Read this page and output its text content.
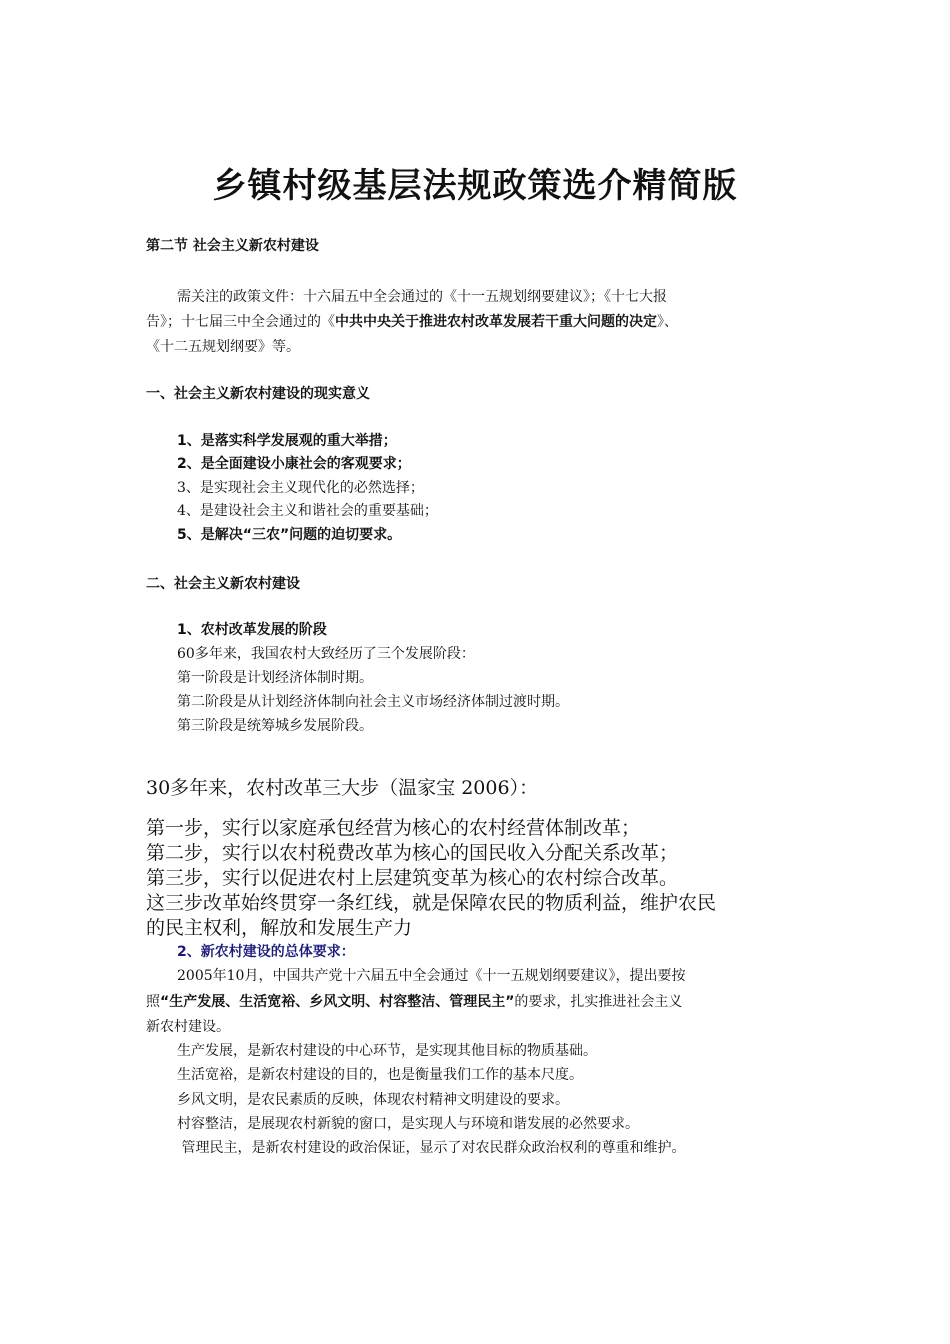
乡镇村级基层法规政策选介精简版
第二节 社会主义新农村建设
需关注的政策文件：十六届五中全会通过的《十一五规划纲要建议》；《十七大报
告》；十七届三中全会通过的《中共中央关于推进农村改革发展若干重大问题的决定》、
《十二五规划纲要》等。
一、社会主义新农村建设的现实意义
1、是落实科学发展观的重大举措；
2、是全面建设小康社会的客观要求；
3、是实现社会主义现代化的必然选择；
4、是建设社会主义和谐社会的重要基础；
5、是解决“三农”问题的迫切要求。
二、社会主义新农村建设
1、农村改革发展的阶段
60多年来，我国农村大致经历了三个发展阶段：
第一阶段是计划经济体制时期。
第二阶段是从计划经济体制向社会主义市场经济体制过渡时期。
第三阶段是统筹城乡发展阶段。
30多年来，农村改革三大步（温家宝 2006）：
第一步，实行以家庭承包经营为核心的农村经营体制改革；
第二步，实行以农村税费改革为核心的国民收入分配关系改革；
第三步，实行以促进农村上层建筑变革为核心的农村综合改革。
这三步改革始终贯穿一条红线，就是保障农民的物质利益，维护农民
的民主权利，解放和发展生产力
2、新农村建设的总体要求：
2005年10月，中国共产党十六届五中全会通过《十一五规划纲要建议》，提出要按
照“生产发展、生活宽裕、乡风文明、村容整洁、管理民主”的要求，扎实推进社会主义
新农村建设。
生产发展，是新农村建设的中心环节，是实现其他目标的物质基础。
生活宽裕，是新农村建设的目的，也是衡量我们工作的基本尺度。
乡风文明，是农民素质的反映，体现农村精神文明建设的要求。
村容整洁，是展现农村新貌的窗口，是实现人与环境和谐发展的必然要求。
管理民主，是新农村建设的政治保证，显示了对农民群众政治权利的尊重和维护。
